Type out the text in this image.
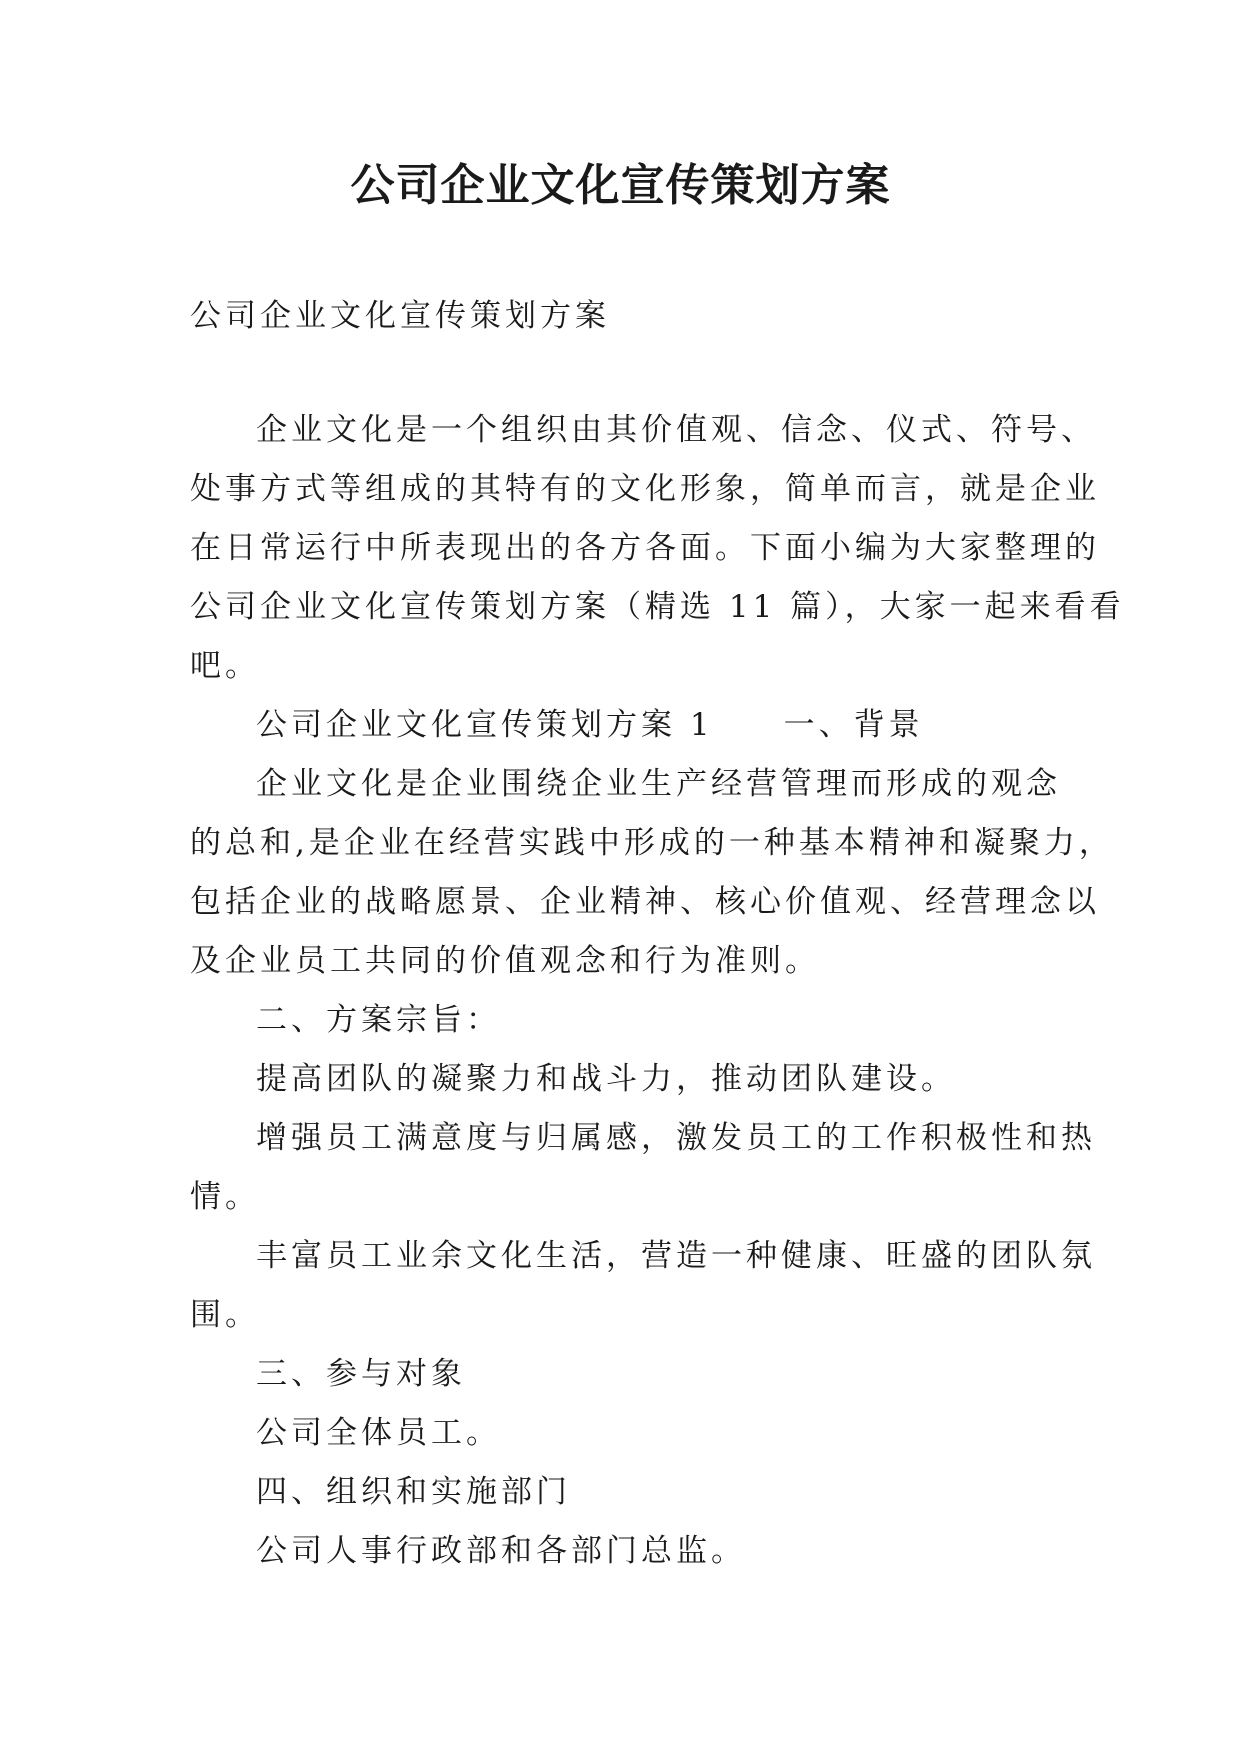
公司企业文化宣传策划方案
公司企业文化宣传策划方案
企业文化是一个组织由其价值观、信念、仪式、符号、
处事方式等组成的其特有的文化形象，简单而言，就是企业
在日常运行中所表现出的各方各面。下面小编为大家整理的
公司企业文化宣传策划方案（精选 11 篇），大家一起来看看
吧。
公司企业文化宣传策划方案 1　　一、背景
企业文化是企业围绕企业生产经营管理而形成的观念
的总和,是企业在经营实践中形成的一种基本精神和凝聚力，
包括企业的战略愿景、企业精神、核心价值观、经营理念以
及企业员工共同的价值观念和行为准则。
二、方案宗旨：
提高团队的凝聚力和战斗力，推动团队建设。
增强员工满意度与归属感，激发员工的工作积极性和热
情。
丰富员工业余文化生活，营造一种健康、旺盛的团队氛
围。
三、参与对象
公司全体员工。
四、组织和实施部门
公司人事行政部和各部门总监。
